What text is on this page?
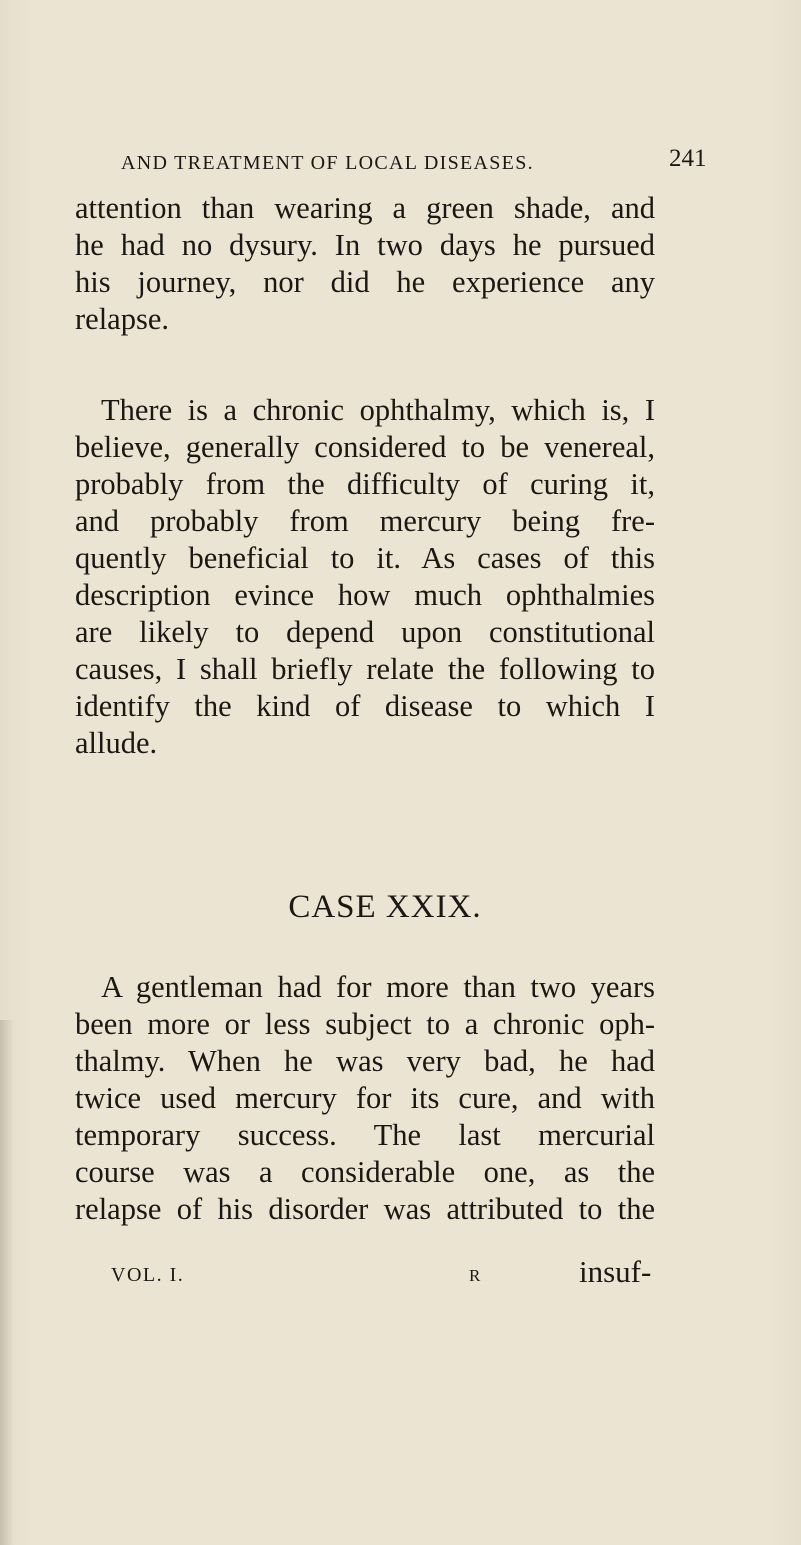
AND TREATMENT OF LOCAL DISEASES.	241
attention than wearing a green shade, and
he had no dysury. In two days he pursued
his journey, nor did he experience any
relapse.
There is a chronic ophthalmy, which is, I
believe, generally considered to be venereal,
probably from the difficulty of curing it,
and probably from mercury being fre-
quently beneficial to it. As cases of this
description evince how much ophthalmies
are likely to depend upon constitutional
causes, I shall briefly relate the following to
identify the kind of disease to which I
allude.
CASE XXIX.
A gentleman had for more than two years
been more or less subject to a chronic oph-
thalmy. When he was very bad, he had
twice used mercury for its cure, and with
temporary success. The last mercurial
course was a considerable one, as the
relapse of his disorder was attributed to the
VOL. I.	R	insuf-
